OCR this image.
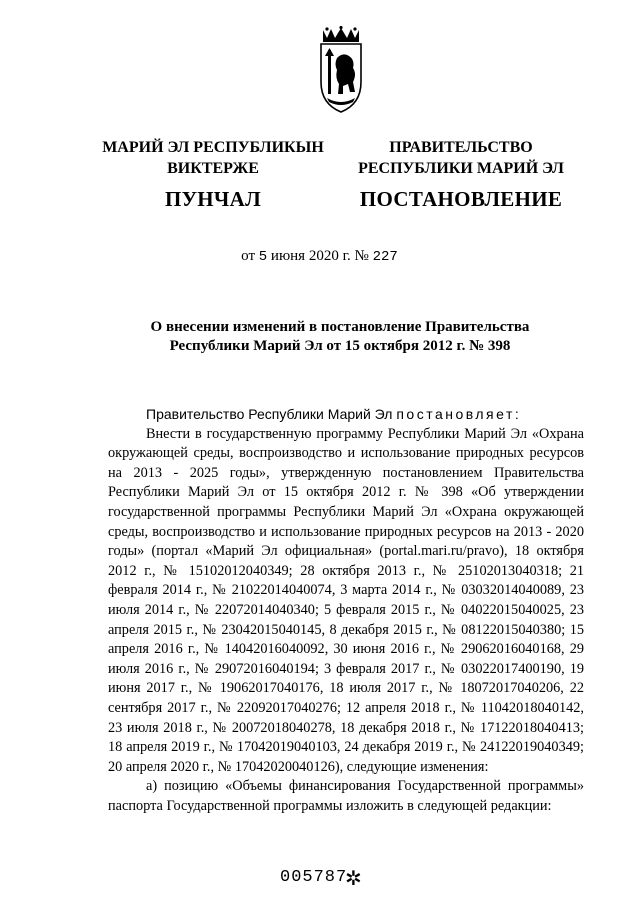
МАРИЙ ЭЛ РЕСПУБЛИКЫН
ВИКТЕРЖЕ
ПУНЧАЛ
ПРАВИТЕЛЬСТВО
РЕСПУБЛИКИ МАРИЙ ЭЛ
ПОСТАНОВЛЕНИЕ
от 5 июня 2020 г. № 227
О внесении изменений в постановление Правительства
Республики Марий Эл от 15 октября 2012 г. № 398

Правительство Республики Марий Эл постановляет:

Внести в государственную программу Республики Марий Эл «Охрана окружающей среды, воспроизводство и использование природных ресурсов на 2013 - 2025 годы», утвержденную постановлением Правительства Республики Марий Эл от 15 октября 2012 г. № 398 «Об утверждении государственной программы Республики Марий Эл «Охрана окружающей среды, воспроизводство и использование природных ресурсов на 2013 - 2020 годы» (портал «Марий Эл официальная» (portal.mari.ru/pravo), 18 октября 2012 г., № 15102012040349; 28 октября 2013 г., № 25102013040318; 21 февраля 2014 г., № 21022014040074, 3 марта 2014 г., № 03032014040089, 23 июля 2014 г., № 22072014040340; 5 февраля 2015 г., № 04022015040025, 23 апреля 2015 г., № 23042015040145, 8 декабря 2015 г., № 08122015040380; 15 апреля 2016 г., № 14042016040092, 30 июня 2016 г., № 29062016040168, 29 июля 2016 г., № 29072016040194; 3 февраля 2017 г., № 03022017400190, 19 июня 2017 г., № 19062017040176, 18 июля 2017 г., № 18072017040206, 22 сентября 2017 г., № 22092017040276; 12 апреля 2018 г., № 11042018040142, 23 июля 2018 г., № 20072018040278, 18 декабря 2018 г., № 17122018040413; 18 апреля 2019 г., № 17042019040103, 24 декабря 2019 г., № 24122019040349; 20 апреля 2020 г., № 17042020040126), следующие изменения:

а) позицию «Объемы финансирования Государственной программы» паспорта Государственной программы изложить в следующей редакции:

005787
✲
